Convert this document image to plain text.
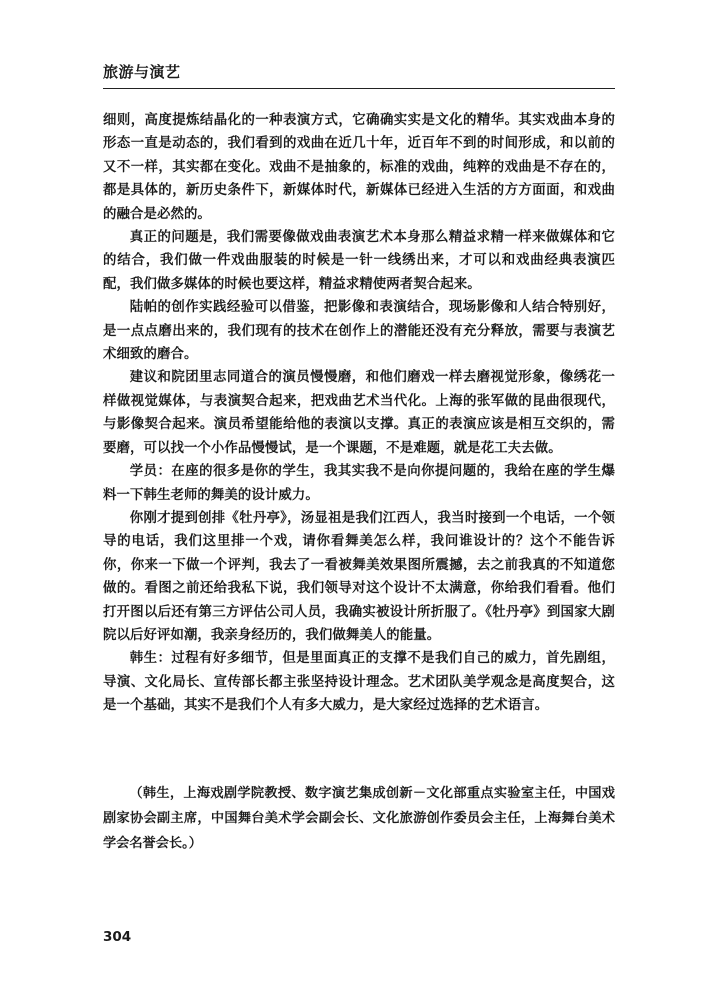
旅游与演艺

细则，高度提炼结晶化的一种表演方式，它确确实实是文化的精华。其实戏曲本身的形态一直是动态的，我们看到的戏曲在近几十年，近百年不到的时间形成，和以前的又不一样，其实都在变化。戏曲不是抽象的，标准的戏曲，纯粹的戏曲是不存在的，都是具体的，新历史条件下，新媒体时代，新媒体已经进入生活的方方面面，和戏曲的融合是必然的。

真正的问题是，我们需要像做戏曲表演艺术本身那么精益求精一样来做媒体和它的结合，我们做一件戏曲服装的时候是一针一线绣出来，才可以和戏曲经典表演匹配，我们做多媒体的时候也要这样，精益求精使两者契合起来。

陆帕的创作实践经验可以借鉴，把影像和表演结合，现场影像和人结合特别好，是一点点磨出来的，我们现有的技术在创作上的潜能还没有充分释放，需要与表演艺术细致的磨合。

建议和院团里志同道合的演员慢慢磨，和他们磨戏一样去磨视觉形象，像绣花一样做视觉媒体，与表演契合起来，把戏曲艺术当代化。上海的张军做的昆曲很现代，与影像契合起来。演员希望能给他的表演以支撑。真正的表演应该是相互交织的，需要磨，可以找一个小作品慢慢试，是一个课题，不是难题，就是花工夫去做。

学员：在座的很多是你的学生，我其实我不是向你提问题的，我给在座的学生爆料一下韩生老师的舞美的设计威力。

你刚才提到创排《牡丹亭》，汤显祖是我们江西人，我当时接到一个电话，一个领导的电话，我们这里排一个戏，请你看舞美怎么样，我问谁设计的？这个不能告诉你，你来一下做一个评判，我去了一看被舞美效果图所震撼，去之前我真的不知道您做的。看图之前还给我私下说，我们领导对这个设计不太满意，你给我们看看。他们打开图以后还有第三方评估公司人员，我确实被设计所折服了。《牡丹亭》到国家大剧院以后好评如潮，我亲身经历的，我们做舞美人的能量。

韩生：过程有好多细节，但是里面真正的支撑不是我们自己的威力，首先剧组，导演、文化局长、宣传部长都主张坚持设计理念。艺术团队美学观念是高度契合，这是一个基础，其实不是我们个人有多大威力，是大家经过选择的艺术语言。

（韩生，上海戏剧学院教授、数字演艺集成创新－文化部重点实验室主任，中国戏剧家协会副主席，中国舞台美术学会副会长、文化旅游创作委员会主任，上海舞台美术学会名誉会长。）

304
